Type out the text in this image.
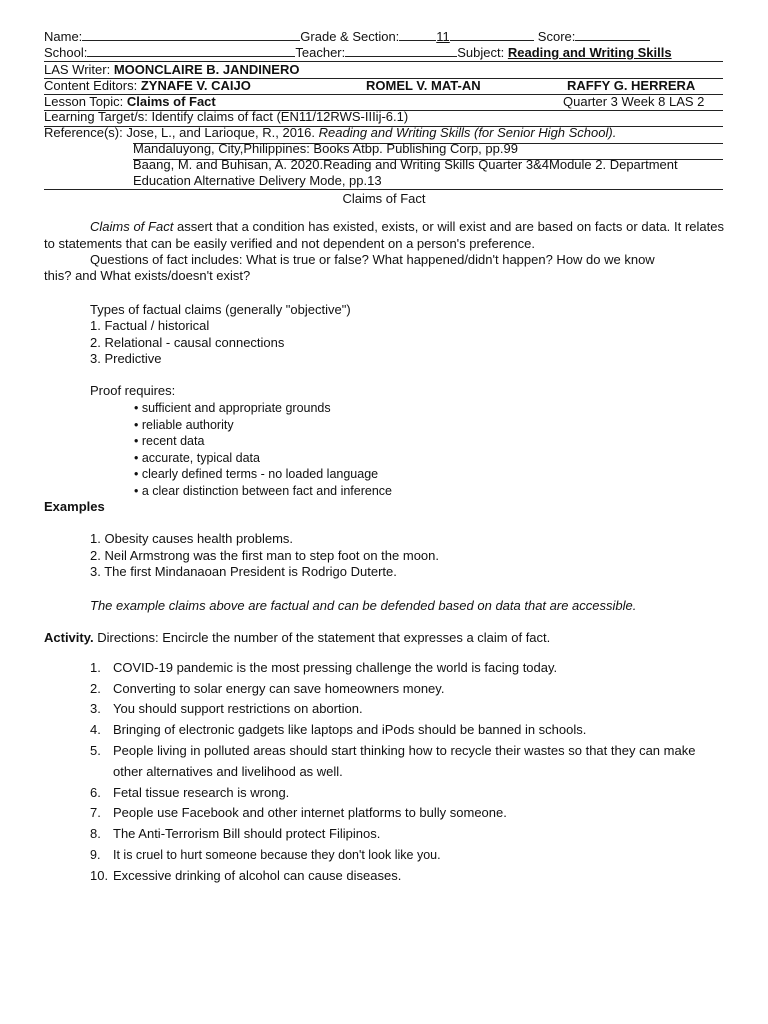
Name:	Grade & Section:	11	Score:
School:	Teacher:	Subject: Reading and Writing Skills
LAS Writer: MOONCLAIRE B. JANDINERO
Content Editors: ZYNAFE V. CAIJO	ROMEL V. MAT-AN	RAFFY G. HERRERA
Lesson Topic: Claims of Fact	Quarter 3 Week 8 LAS 2
Learning Target/s: Identify claims of fact (EN11/12RWS-IIIij-6.1)
Reference(s): Jose, L., and Larioque, R., 2016. Reading and Writing Skills (for Senior High School).
Mandaluyong, City,Philippines: Books Atbp. Publishing Corp, pp.99
Baang, M. and Buhisan, A. 2020.Reading and Writing Skills Quarter 3&4Module 2. Department
Education Alternative Delivery Mode, pp.13
Claims of Fact
Claims of Fact assert that a condition has existed, exists, or will exist and are based on facts or data. It relates to statements that can be easily verified and not dependent on a person's preference.
Questions of fact includes: What is true or false? What happened/didn't happen? How do we know
this? and What exists/doesn't exist?
Types of factual claims (generally "objective")
1. Factual / historical
2. Relational - causal connections
3. Predictive
Proof requires:
• sufficient and appropriate grounds
• reliable authority
• recent data
• accurate, typical data
• clearly defined terms - no loaded language
• a clear distinction between fact and inference
Examples
1. Obesity causes health problems.
2. Neil Armstrong was the first man to step foot on the moon.
3. The first Mindanaoan President is Rodrigo Duterte.
The example claims above are factual and can be defended based on data that are accessible.
Activity. Directions: Encircle the number of the statement that expresses a claim of fact.
1. COVID-19 pandemic is the most pressing challenge the world is facing today.
2. Converting to solar energy can save homeowners money.
3. You should support restrictions on abortion.
4. Bringing of electronic gadgets like laptops and iPods should be banned in schools.
5. People living in polluted areas should start thinking how to recycle their wastes so that they can make
other alternatives and livelihood as well.
6. Fetal tissue research is wrong.
7. People use Facebook and other internet platforms to bully someone.
8. The Anti-Terrorism Bill should protect Filipinos.
9. It is cruel to hurt someone because they don't look like you.
10. Excessive drinking of alcohol can cause diseases.
